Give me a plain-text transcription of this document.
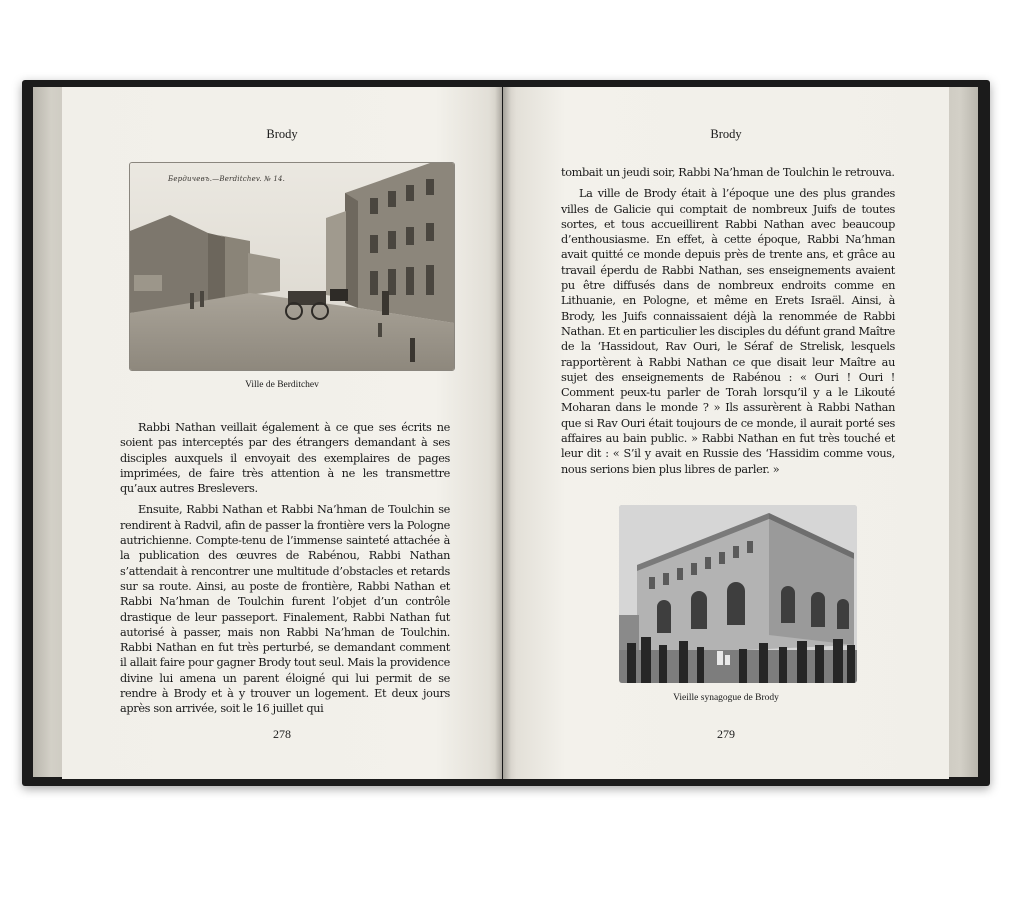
Brody
Бердичевъ.—Berditchev. № 14.
Ville de Berditchev

Rabbi Nathan veillait également à ce que ses écrits ne soient pas interceptés par des étrangers demandant à ses disciples auxquels il envoyait des exemplaires de pages imprimées, de faire très attention à ne les transmettre qu’aux autres Breslevers.

Ensuite, Rabbi Nathan et Rabbi Na’hman de Toulchin se rendirent à Radvil, afin de passer la frontière vers la Pologne autrichienne. Compte-tenu de l’immense sainteté attachée à la publication des œuvres de Rabénou, Rabbi Nathan s’attendait à rencontrer une multitude d’obstacles et retards sur sa route. Ainsi, au poste de frontière, Rabbi Nathan et Rabbi Na’hman de Toulchin furent l’objet d’un contrôle drastique de leur passeport. Finalement, Rabbi Nathan fut autorisé à passer, mais non Rabbi Na’hman de Toulchin. Rabbi Nathan en fut très perturbé, se demandant comment il allait faire pour gagner Brody tout seul. Mais la providence divine lui amena un parent éloigné qui lui permit de se rendre à Brody et à y trouver un logement. Et deux jours après son arrivée, soit le 16 juillet qui

278
Brody

tombait un jeudi soir, Rabbi Na’hman de Toulchin le retrouva.

La ville de Brody était à l’époque une des plus grandes villes de Galicie qui comptait de nombreux Juifs de toutes sortes, et tous accueillirent Rabbi Nathan avec beaucoup d’enthousiasme. En effet, à cette époque, Rabbi Na’hman avait quitté ce monde depuis près de trente ans, et grâce au travail éperdu de Rabbi Nathan, ses enseignements avaient pu être diffusés dans de nombreux endroits comme en Lithuanie, en Pologne, et même en Erets Israël. Ainsi, à Brody, les Juifs connaissaient déjà la renommée de Rabbi Nathan. Et en particulier les disciples du défunt grand Maître de la ‘Hassidout, Rav Ouri, le Séraf de Strelisk, lesquels rapportèrent à Rabbi Nathan ce que disait leur Maître au sujet des enseignements de Rabénou : « Ouri ! Ouri ! Comment peux-tu parler de Torah lorsqu’il y a le Likouté Moharan dans le monde ? » Ils assurèrent à Rabbi Nathan que si Rav Ouri était toujours de ce monde, il aurait porté ses affaires au bain public. » Rabbi Nathan en fut très touché et leur dit : « S’il y avait en Russie des ‘Hassidim comme vous, nous serions bien plus libres de parler. »

Vieille synagogue de Brody
279
